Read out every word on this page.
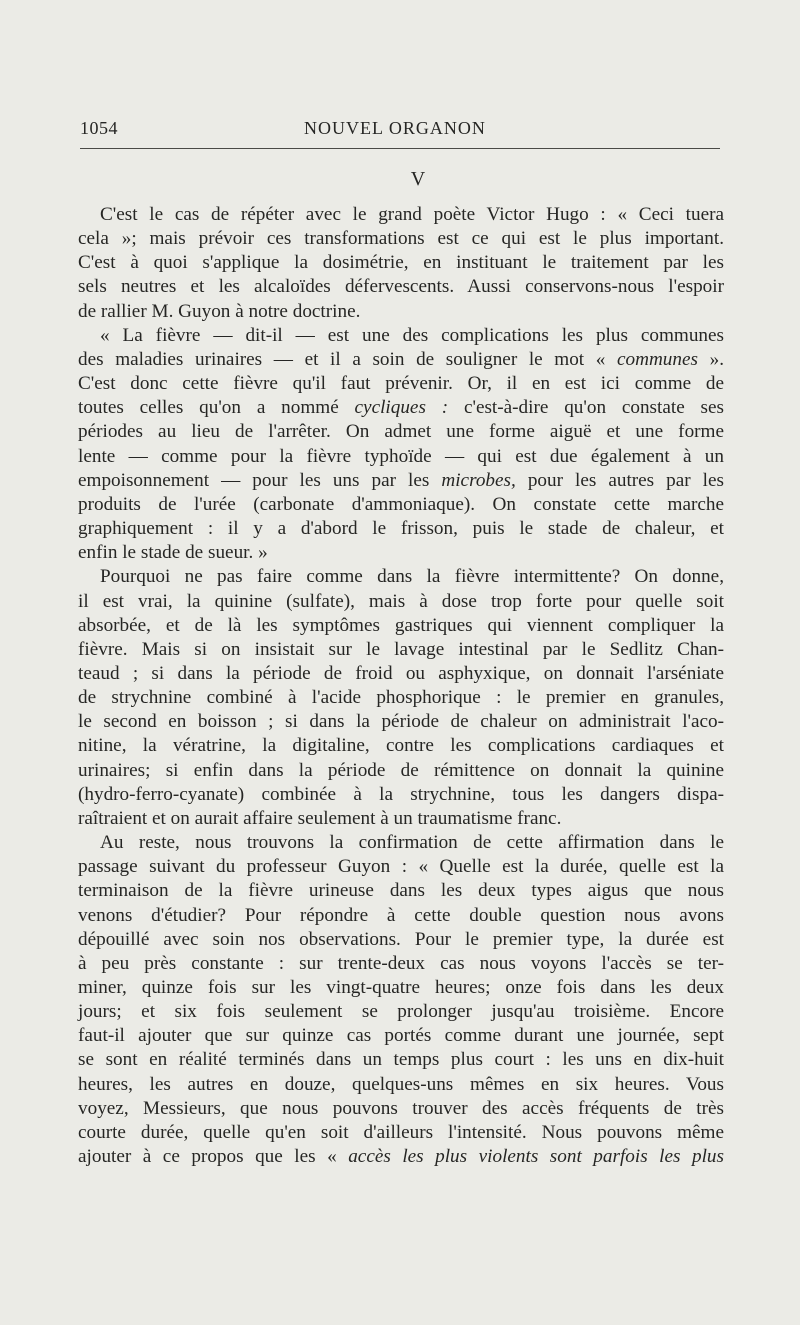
1054	NOUVEL ORGANON
V
C'est le cas de répéter avec le grand poète Victor Hugo : « Ceci tuera
cela »; mais prévoir ces transformations est ce qui est le plus important.
C'est à quoi s'applique la dosimétrie, en instituant le traitement par les
sels neutres et les alcaloïdes défervescents. Aussi conservons-nous l'espoir
de rallier M. Guyon à notre doctrine.
« La fièvre — dit-il — est une des complications les plus communes
des maladies urinaires — et il a soin de souligner le mot « communes ».
C'est donc cette fièvre qu'il faut prévenir. Or, il en est ici comme de
toutes celles qu'on a nommé cycliques : c'est-à-dire qu'on constate ses
périodes au lieu de l'arrêter. On admet une forme aiguë et une forme
lente — comme pour la fièvre typhoïde — qui est due également à un
empoisonnement — pour les uns par les microbes, pour les autres par les
produits de l'urée (carbonate d'ammoniaque). On constate cette marche
graphiquement : il y a d'abord le frisson, puis le stade de chaleur, et
enfin le stade de sueur. »
Pourquoi ne pas faire comme dans la fièvre intermittente? On donne,
il est vrai, la quinine (sulfate), mais à dose trop forte pour quelle soit
absorbée, et de là les symptômes gastriques qui viennent compliquer la
fièvre. Mais si on insistait sur le lavage intestinal par le Sedlitz Chan-
teaud ; si dans la période de froid ou asphyxique, on donnait l'arséniate
de strychnine combiné à l'acide phosphorique : le premier en granules,
le second en boisson ; si dans la période de chaleur on administrait l'aco-
nitine, la vératrine, la digitaline, contre les complications cardiaques et
urinaires; si enfin dans la période de rémittence on donnait la quinine
(hydro-ferro-cyanate) combinée à la strychnine, tous les dangers dispa-
raîtraient et on aurait affaire seulement à un traumatisme franc.
Au reste, nous trouvons la confirmation de cette affirmation dans le
passage suivant du professeur Guyon : « Quelle est la durée, quelle est la
terminaison de la fièvre urineuse dans les deux types aigus que nous
venons d'étudier? Pour répondre à cette double question nous avons
dépouillé avec soin nos observations. Pour le premier type, la durée est
à peu près constante : sur trente-deux cas nous voyons l'accès se ter-
miner, quinze fois sur les vingt-quatre heures; onze fois dans les deux
jours; et six fois seulement se prolonger jusqu'au troisième. Encore
faut-il ajouter que sur quinze cas portés comme durant une journée, sept
se sont en réalité terminés dans un temps plus court : les uns en dix-huit
heures, les autres en douze, quelques-uns mêmes en six heures. Vous
voyez, Messieurs, que nous pouvons trouver des accès fréquents de très
courte durée, quelle qu'en soit d'ailleurs l'intensité. Nous pouvons même
ajouter à ce propos que les « accès les plus violents sont parfois les plus
